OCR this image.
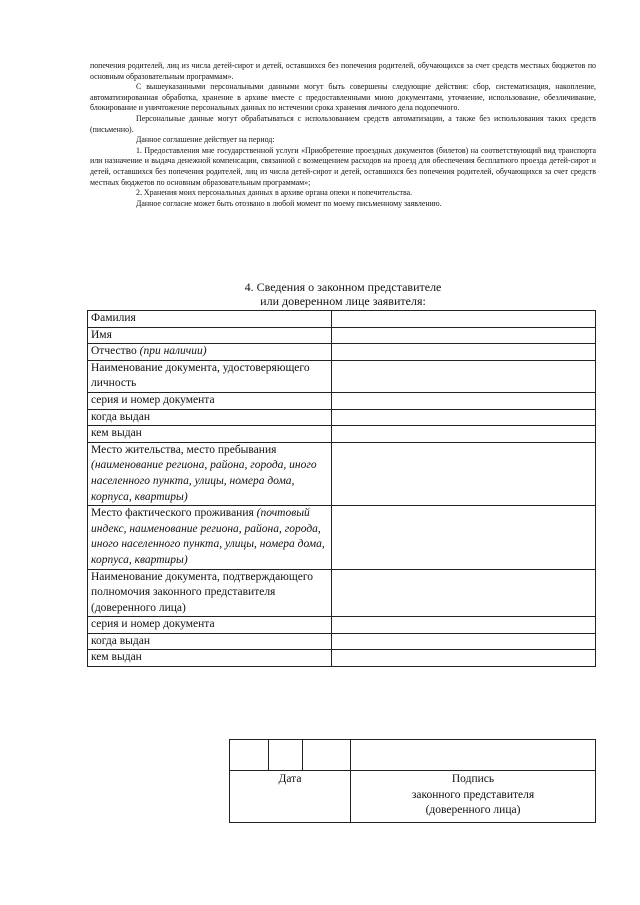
попечения родителей, лиц из числа детей-сирот и детей, оставшихся без попечения родителей, обучающихся за счет средств местных бюджетов по основным образовательным программам».

С вышеуказанными персональными данными могут быть совершены следующие действия: сбор, систематизация, накопление, автоматизированная обработка, хранение в архиве вместе с предоставленными мною документами, уточнение, использование, обезличивание, блокирование и уничтожение персональных данных по истечении срока хранения личного дела подопечного.

Персональные данные могут обрабатываться с использованием средств автоматизации, а также без использования таких средств (письменно).

Данное соглашение действует на период:

1. Предоставления мне государственной услуги «Приобретение проездных документов (билетов) на соответствующий вид транспорта или назначение и выдача денежной компенсации, связанной с возмещением расходов на проезд для обеспечения бесплатного проезда детей-сирот и детей, оставшихся без попечения родителей, лиц из числа детей-сирот и детей, оставшихся без попечения родителей, обучающихся за счет средств местных бюджетов по основным образовательным программам»;

2. Хранения моих персональных данных в архиве органа опеки и попечительства.

Данное согласие может быть отозвано в любой момент по моему письменному заявлению.

4. Сведения о законном представителе
или доверенном лице заявителя:
Фамилия	
Имя	
Отчество (при наличии)	
Наименование документа, удостоверяющего личность	
серия и номер документа	
когда выдан	
кем выдан	
Место жительства, место пребывания (наименование региона, района, города, иного населенного пункта, улицы, номера дома, корпуса, квартиры)	
Место фактического проживания (почтовый индекс, наименование региона, района, города, иного населенного пункта, улицы, номера дома, корпуса, квартиры)	
Наименование документа, подтверждающего полномочия законного представителя (доверенного лица)	
серия и номер документа	
когда выдан	
кем выдан	

Дата			Подпись
законного представителя
(доверенного лица)
